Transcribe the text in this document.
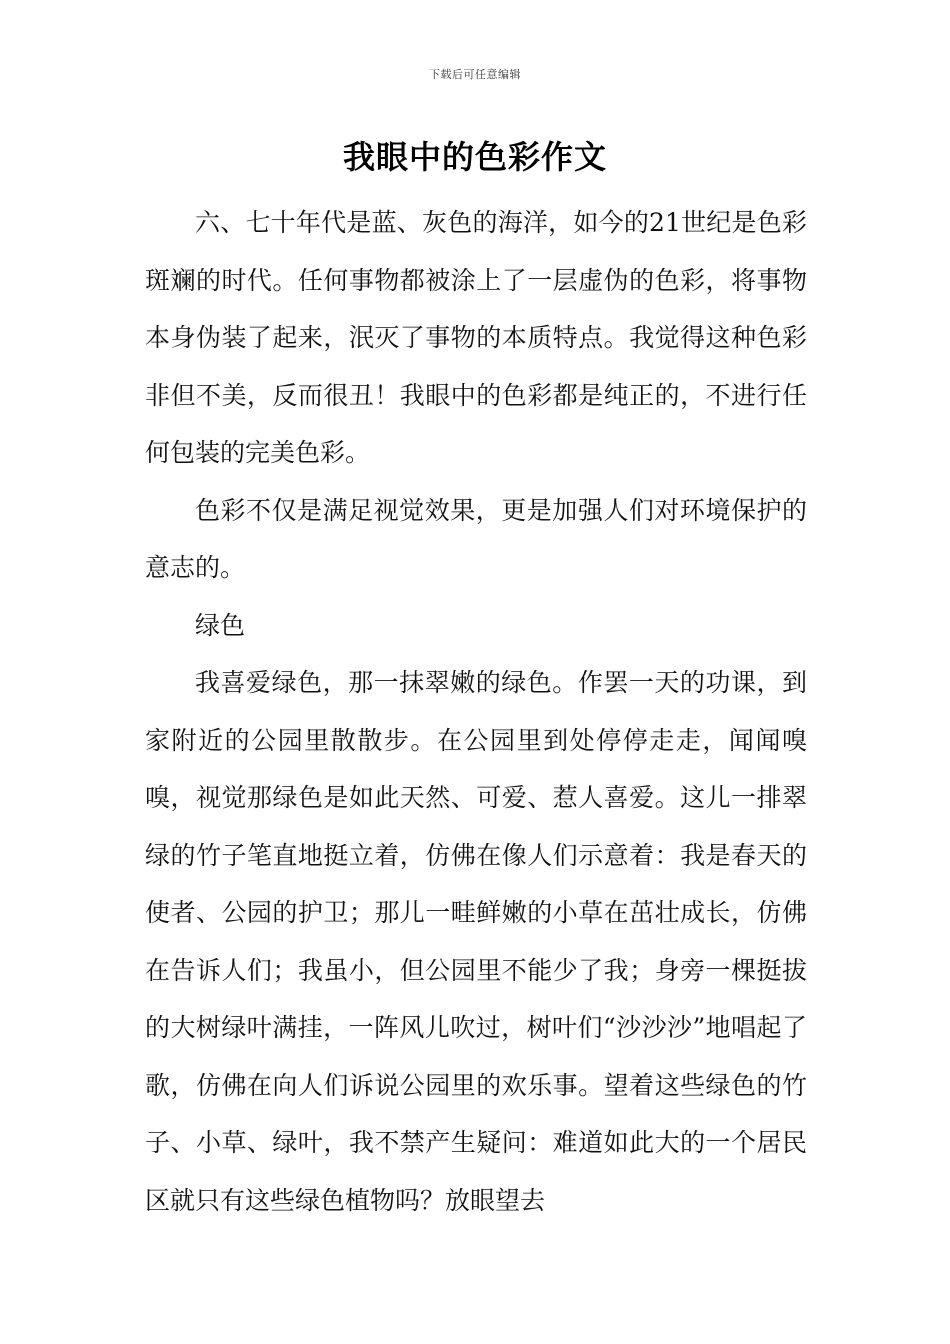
下载后可任意编辑
我眼中的色彩作文

六、七十年代是蓝、灰色的海洋，如今的21世纪是色彩斑斓的时代。任何事物都被涂上了一层虚伪的色彩，将事物本身伪装了起来，泯灭了事物的本质特点。我觉得这种色彩非但不美，反而很丑！我眼中的色彩都是纯正的，不进行任何包装的完美色彩。

色彩不仅是满足视觉效果，更是加强人们对环境保护的意志的。

绿色

我喜爱绿色，那一抹翠嫩的绿色。作罢一天的功课，到家附近的公园里散散步。在公园里到处停停走走，闻闻嗅嗅，视觉那绿色是如此天然、可爱、惹人喜爱。这儿一排翠绿的竹子笔直地挺立着，仿佛在像人们示意着：我是春天的使者、公园的护卫；那儿一畦鲜嫩的小草在茁壮成长，仿佛在告诉人们；我虽小，但公园里不能少了我；身旁一棵挺拔的大树绿叶满挂，一阵风儿吹过，树叶们“沙沙沙”地唱起了歌，仿佛在向人们诉说公园里的欢乐事。望着这些绿色的竹子、小草、绿叶，我不禁产生疑问：难道如此大的一个居民区就只有这些绿色植物吗？放眼望去
